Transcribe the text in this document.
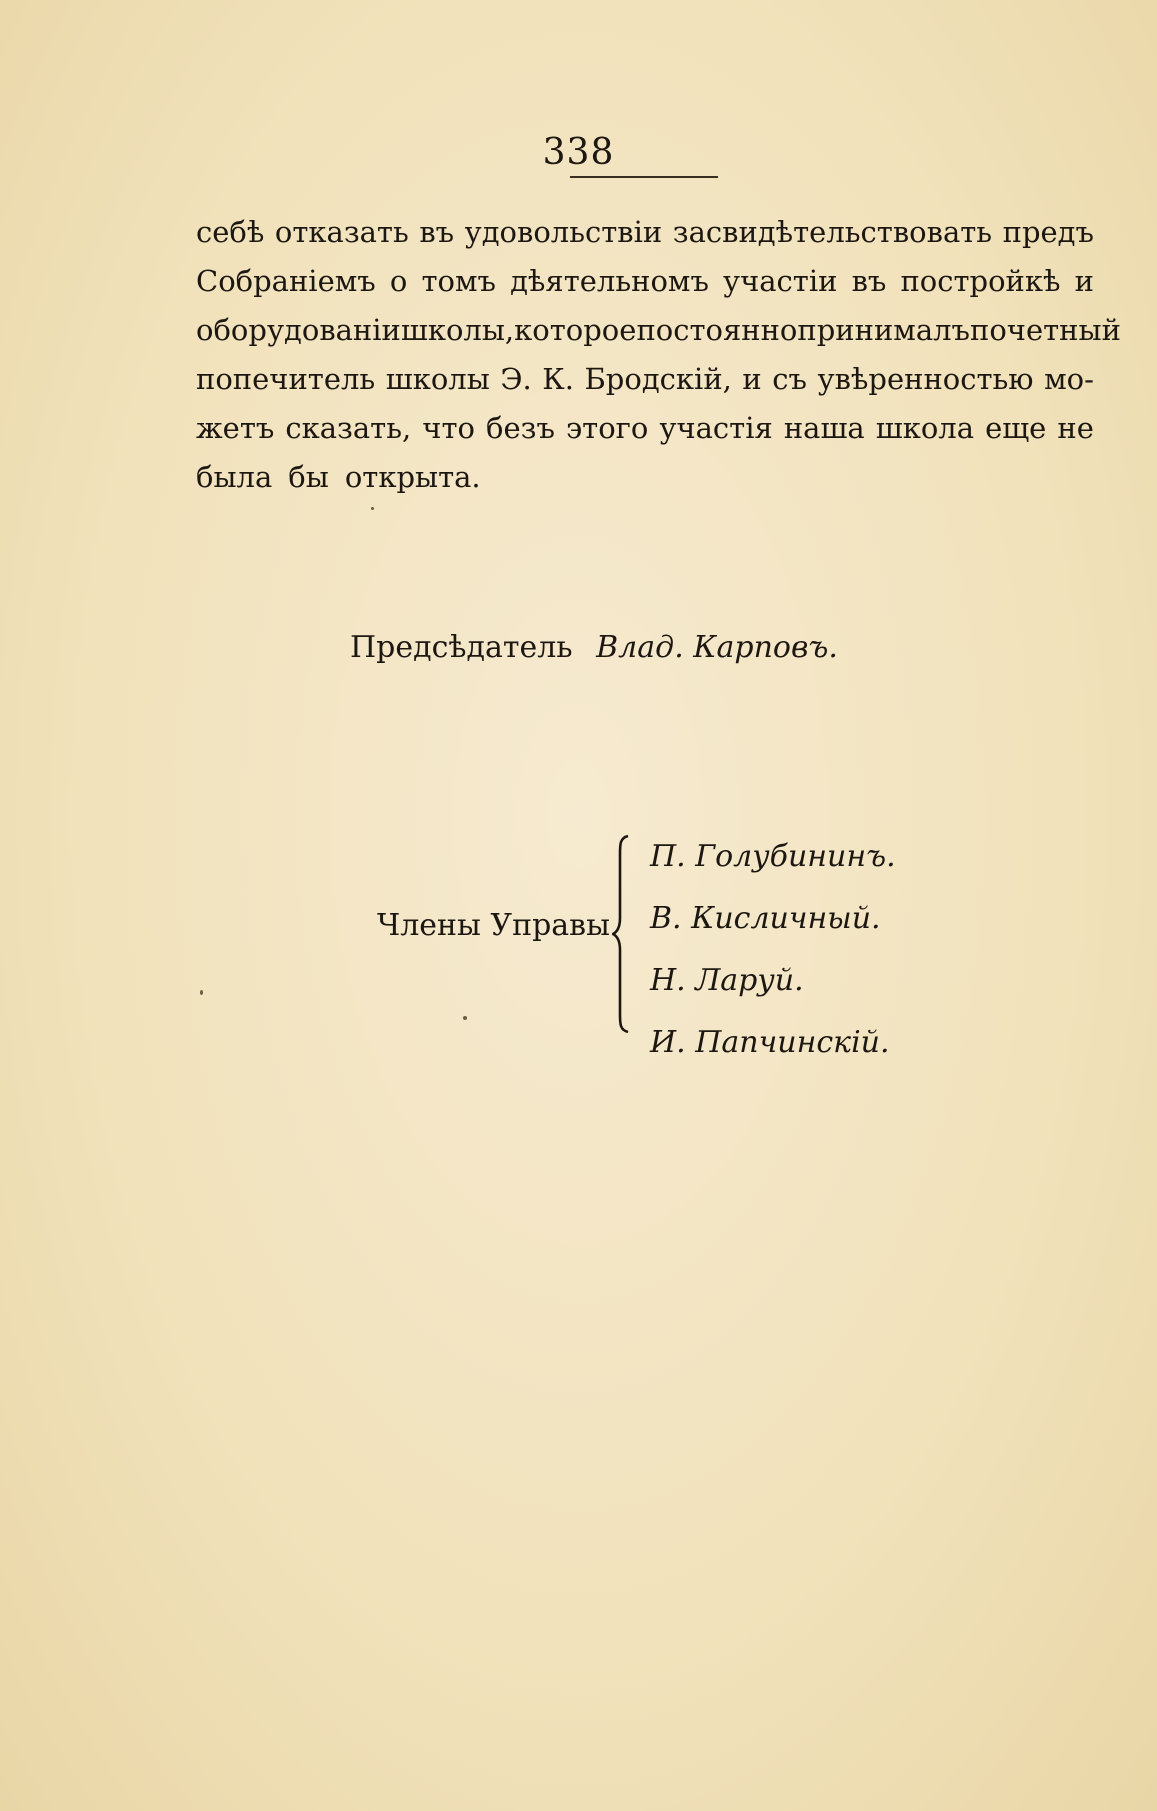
338
себѣ отказать въ удовольствіи засвидѣтельствовать предъ
Собраніемъ о томъ дѣятельномъ участіи въ постройкѣ и
оборудованіи школы, которое постоянно принималъ почетный
попечитель школы Э. К. Бродскій, и съ увѣренностью мо-
жетъ сказать, что безъ этого участія наша школа еще не
была бы открыта.
Предсѣдатель Влад. Карповъ.
Члены Управы
П. Голубининъ.
В. Кисличный.
Н. Ларуй.
И. Папчинскій.
